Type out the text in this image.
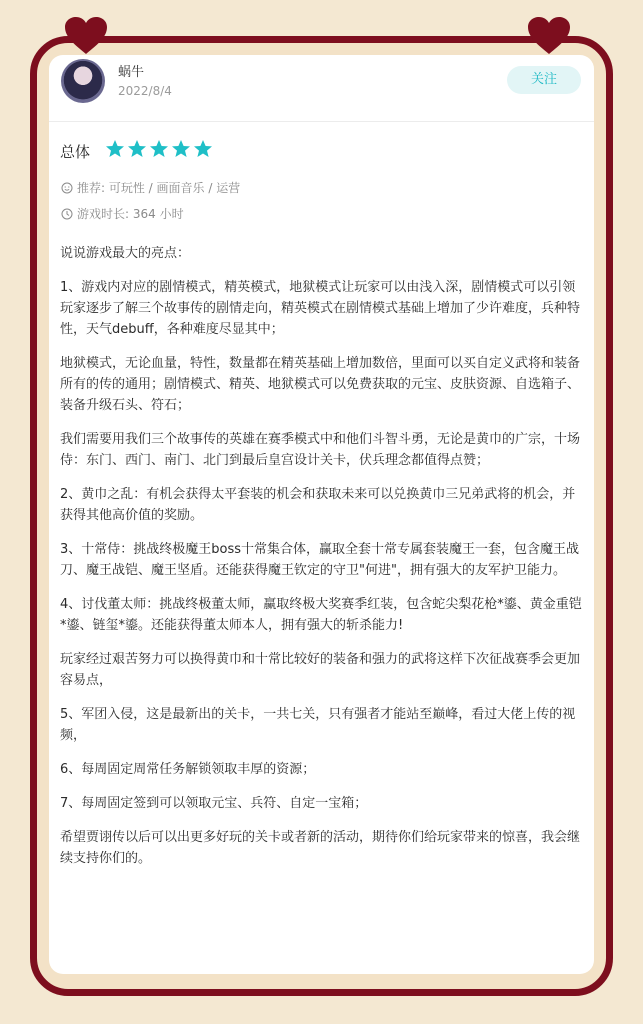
蜗牛
2022/8/4
关注
总体
推荐: 可玩性 / 画面音乐 / 运营
游戏时长: 364 小时

说说游戏最大的亮点：

1、游戏内对应的剧情模式，精英模式，地狱模式让玩家可以由浅入深，剧情模式可以引领玩家逐步了解三个故事传的剧情走向，精英模式在剧情模式基础上增加了少许难度，兵种特性，天气debuff，各种难度尽显其中；

地狱模式，无论血量，特性，数量都在精英基础上增加数倍，里面可以买自定义武将和装备所有的传的通用；剧情模式、精英、地狱模式可以免费获取的元宝、皮肤资源、自选箱子、装备升级石头、符石；

我们需要用我们三个故事传的英雄在赛季模式中和他们斗智斗勇，无论是黄巾的广宗，十场侍：东门、西门、南门、北门到最后皇宫设计关卡，伏兵理念都值得点赞；

2、黄巾之乱：有机会获得太平套装的机会和获取未来可以兑换黄巾三兄弟武将的机会，并获得其他高价值的奖励。

3、十常侍：挑战终极魔王boss十常集合体，赢取全套十常专属套装魔王一套，包含魔王战刀、魔王战铠、魔王坚盾。还能获得魔王钦定的守卫"何进"，拥有强大的友军护卫能力。

4、讨伐董太师：挑战终极董太师，赢取终极大奖赛季红装，包含蛇尖梨花枪*鎏、黄金重铠*鎏、链玺*鎏。还能获得董太师本人，拥有强大的斩杀能力!

玩家经过艰苦努力可以换得黄巾和十常比较好的装备和强力的武将这样下次征战赛季会更加容易点，

5、军团入侵，这是最新出的关卡，一共七关，只有强者才能站至巅峰，看过大佬上传的视频，

6、每周固定周常任务解锁领取丰厚的资源；

7、每周固定签到可以领取元宝、兵符、自定一宝箱；

希望贾诩传以后可以出更多好玩的关卡或者新的活动，期待你们给玩家带来的惊喜，我会继续支持你们的。
